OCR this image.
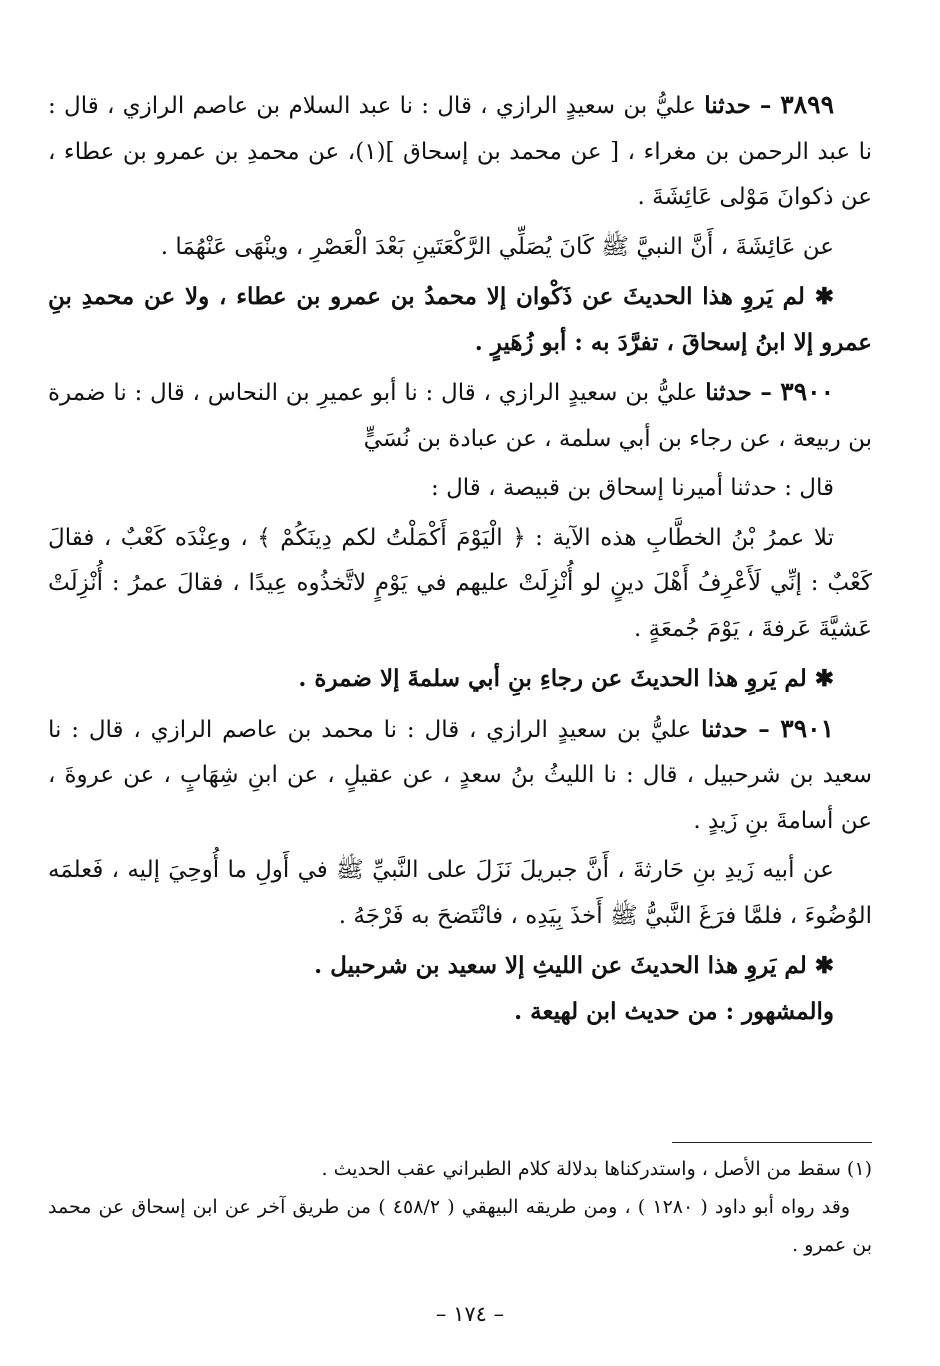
٣٨٩٩ – حدثنا عليُّ بن سعيدٍ الرازي ، قال : نا عبد السلام بن عاصم الرازي ، قال : نا عبد الرحمن بن مغراء ، [ عن محمد بن إسحاق ](١)، عن محمدِ بن عمرو بن عطاء ، عن ذكوانَ مَوْلى عَائِشَةَ .

عن عَائِشَةَ ، أَنَّ النبيَّ ﷺ كَانَ يُصَلِّي الرَّكْعَتَينِ بَعْدَ الْعَصْرِ ، وينْهَى عَنْهُمَا .

✱ لم يَروِ هذا الحديثَ عن ذَكْوان إلا محمدُ بن عمرو بن عطاء ، ولا عن محمدِ بنِ عمرو إلا ابنُ إسحاقَ ، تفرَّدَ به : أبو زُهَيرٍ .

٣٩٠٠ – حدثنا عليُّ بن سعيدٍ الرازي ، قال : نا أبو عميرِ بن النحاس ، قال : نا ضمرة بن ربيعة ، عن رجاء بن أبي سلمة ، عن عبادة بن نُسَيٍّ

قال : حدثنا أميرنا إسحاق بن قبيصة ، قال :

تلا عمرُ بْنُ الخطَّابِ هذه الآية : ﴿ الْيَوْمَ أَكْمَلْتُ لكم دِينَكُمْ ﴾ ، وعِنْدَه كَعْبٌ ، فقالَ كَعْبٌ : إنِّي لَأَعْرِفُ أَهْلَ دينٍ لو أُنْزِلَتْ عليهم في يَوْمٍ لاتَّخذُوه عِيدًا ، فقالَ عمرُ : أُنْزِلَتْ عَشيَّةَ عَرفةَ ، يَوْمَ جُمعَةٍ .

✱ لم يَروِ هذا الحديثَ عن رجاءِ بنِ أبي سلمةَ إلا ضمرة .

٣٩٠١ – حدثنا عليُّ بن سعيدٍ الرازي ، قال : نا محمد بن عاصم الرازي ، قال : نا سعيد بن شرحبيل ، قال : نا الليثُ بنُ سعدٍ ، عن عقيلٍ ، عن ابنِ شِهَابٍ ، عن عروةَ ، عن أسامةَ بنِ زَيدٍ .

عن أبيه زَيدِ بنِ حَارثةَ ، أَنَّ جبريلَ نَزَلَ على النَّبيِّ ﷺ في أَولِ ما أُوحِيَ إليه ، فَعلمَه الوُضُوءَ ، فلمَّا فرَغَ النَّبيُّ ﷺ أَخذَ بِيَدِه ، فانْتَضحَ به فَرْجَهُ .

✱ لم يَروِ هذا الحديثَ عن الليثِ إلا سعيد بن شرحبيل .

والمشهور : من حديث ابن لهيعة .

(١) سقط من الأصل ، واستدركناها بدلالة كلام الطبراني عقب الحديث .

وقد رواه أبو داود ( ١٢٨٠ ) ، ومن طريقه البيهقي ( ٤٥٨/٢ ) من طريق آخر عن ابن إسحاق عن محمد بن عمرو .

– ١٧٤ –
